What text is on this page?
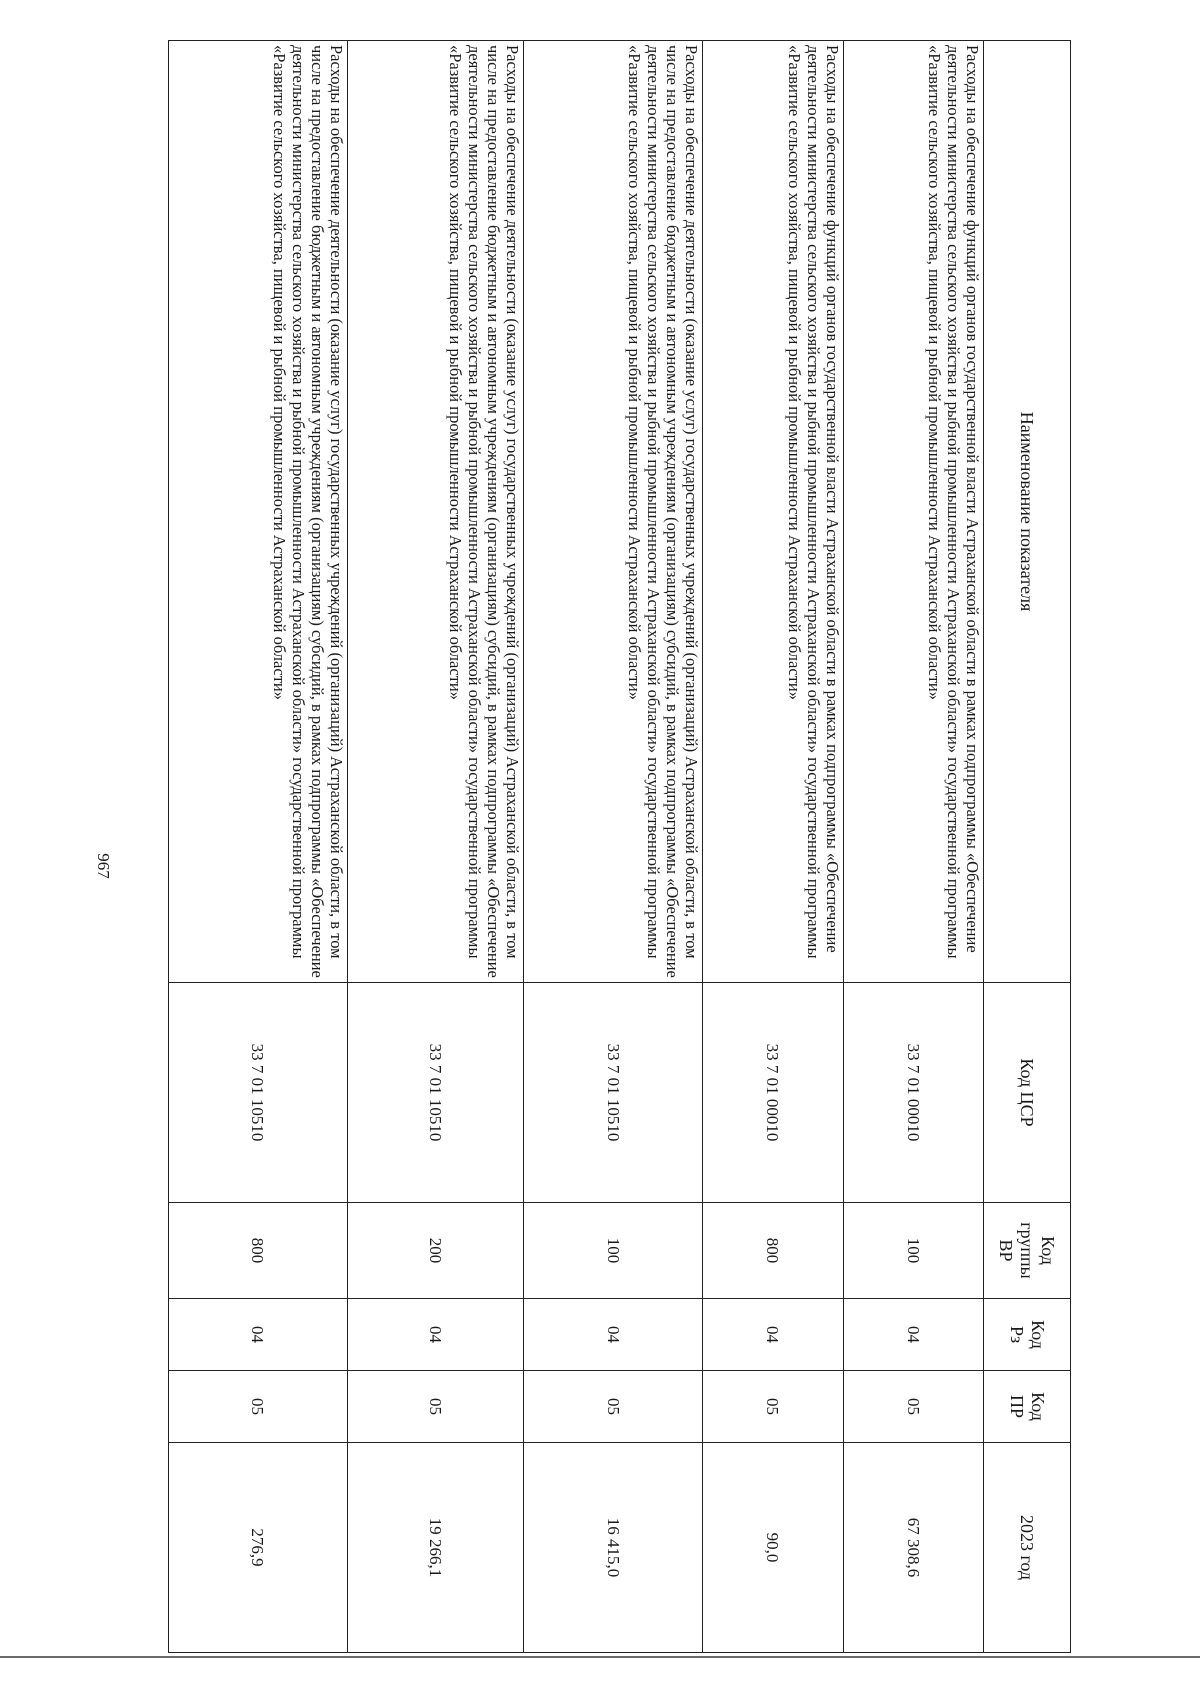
967
Наименование показателя	Код ЦСР	Код группы ВР	Код Рз	Код ПР	2023 год
Расходы на обеспечение функций органов государственной власти Астраханской области в рамках подпрограммы «Обеспечение деятельности министерства сельского хозяйства и рыбной промышленности Астраханской области» государственной программы «Развитие сельского хозяйства, пищевой и рыбной промышленности Астраханской области»	33 7 01 00010	100	04	05	67 308,6
Расходы на обеспечение функций органов государственной власти Астраханской области в рамках подпрограммы «Обеспечение деятельности министерства сельского хозяйства и рыбной промышленности Астраханской области» государственной программы «Развитие сельского хозяйства, пищевой и рыбной промышленности Астраханской области»	33 7 01 00010	800	04	05	90,0
Расходы на обеспечение деятельности (оказание услуг) государственных учреждений (организаций) Астраханской области, в том числе на предоставление бюджетным и автономным учреждениям (организациям) субсидий, в рамках подпрограммы «Обеспечение деятельности министерства сельского хозяйства и рыбной промышленности Астраханской области» государственной программы «Развитие сельского хозяйства, пищевой и рыбной промышленности Астраханской области»	33 7 01 10510	100	04	05	16 415,0
Расходы на обеспечение деятельности (оказание услуг) государственных учреждений (организаций) Астраханской области, в том числе на предоставление бюджетным и автономным учреждениям (организациям) субсидий, в рамках подпрограммы «Обеспечение деятельности министерства сельского хозяйства и рыбной промышленности Астраханской области» государственной программы «Развитие сельского хозяйства, пищевой и рыбной промышленности Астраханской области»	33 7 01 10510	200	04	05	19 266,1
Расходы на обеспечение деятельности (оказание услуг) государственных учреждений (организаций) Астраханской области, в том числе на предоставление бюджетным и автономным учреждениям (организациям) субсидий, в рамках подпрограммы «Обеспечение деятельности министерства сельского хозяйства и рыбной промышленности Астраханской области» государственной программы «Развитие сельского хозяйства, пищевой и рыбной промышленности Астраханской области»	33 7 01 10510	800	04	05	276,9
